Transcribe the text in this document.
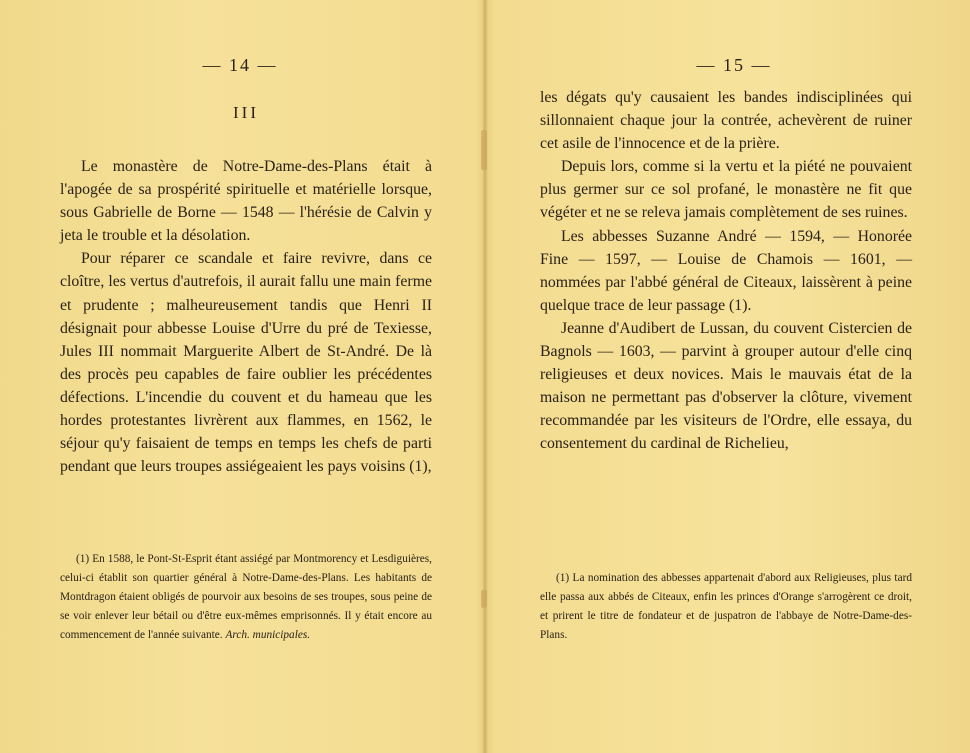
— 14 —
III

Le monastère de Notre-Dame-des-Plans était à l'apogée de sa prospérité spirituelle et matérielle lorsque, sous Gabrielle de Borne — 1548 — l'hérésie de Calvin y jeta le trouble et la désolation.

Pour réparer ce scandale et faire revivre, dans ce cloître, les vertus d'autrefois, il aurait fallu une main ferme et prudente ; malheureusement tandis que Henri II désignait pour abbesse Louise d'Urre du pré de Texiesse, Jules III nommait Marguerite Albert de St-André. De là des procès peu capables de faire oublier les précédentes défections. L'incendie du couvent et du hameau que les hordes protestantes livrèrent aux flammes, en 1562, le séjour qu'y faisaient de temps en temps les chefs de parti pendant que leurs troupes assiégeaient les pays voisins (1),

(1) En 1588, le Pont-St-Esprit étant assiégé par Montmorency et Lesdiguières, celui-ci établit son quartier général à Notre-Dame-des-Plans. Les habitants de Montdragon étaient obligés de pourvoir aux besoins de ses troupes, sous peine de se voir enlever leur bétail ou d'être eux-mêmes emprisonnés. Il y était encore au commencement de l'année suivante. Arch. municipales.

— 15 —

les dégats qu'y causaient les bandes indisciplinées qui sillonnaient chaque jour la contrée, achevèrent de ruiner cet asile de l'innocence et de la prière.

Depuis lors, comme si la vertu et la piété ne pouvaient plus germer sur ce sol profané, le monastère ne fit que végéter et ne se releva jamais complètement de ses ruines.

Les abbesses Suzanne André — 1594, — Honorée Fine — 1597, — Louise de Chamois — 1601, — nommées par l'abbé général de Citeaux, laissèrent à peine quelque trace de leur passage (1).

Jeanne d'Audibert de Lussan, du couvent Cistercien de Bagnols — 1603, — parvint à grouper autour d'elle cinq religieuses et deux novices. Mais le mauvais état de la maison ne permettant pas d'observer la clôture, vivement recommandée par les visiteurs de l'Ordre, elle essaya, du consentement du cardinal de Richelieu,

(1) La nomination des abbesses appartenait d'abord aux Religieuses, plus tard elle passa aux abbés de Citeaux, enfin les princes d'Orange s'arrogèrent ce droit, et prirent le titre de fondateur et de juspatron de l'abbaye de Notre-Dame-des-Plans.
